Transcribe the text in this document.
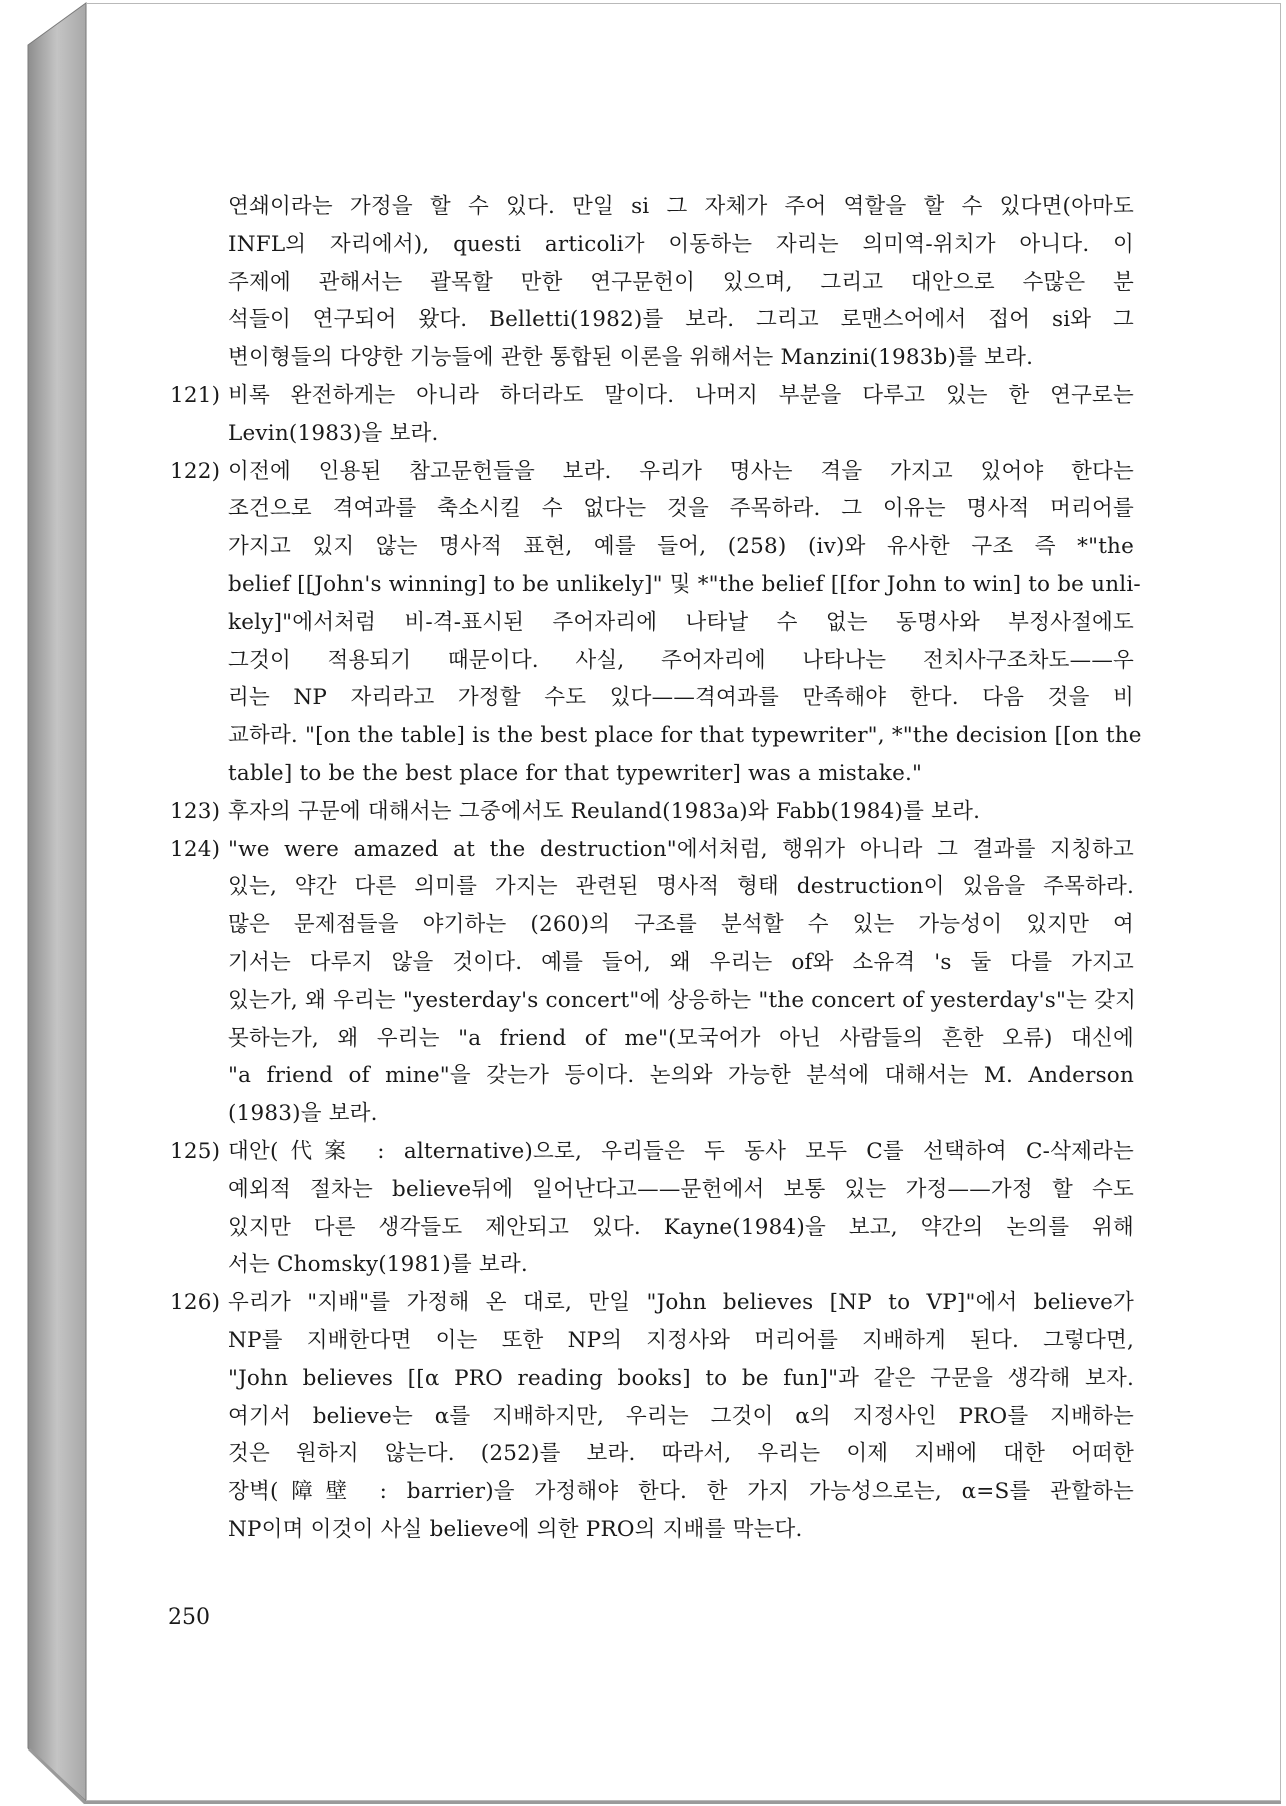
연쇄이라는 가정을 할 수 있다. 만일 si 그 자체가 주어 역할을 할 수 있다면(아마도
INFL의 자리에서), questi articoli가 이동하는 자리는 의미역-위치가 아니다. 이
주제에 관해서는 괄목할 만한 연구문헌이 있으며, 그리고 대안으로 수많은 분
석들이 연구되어 왔다. Belletti(1982)를 보라. 그리고 로맨스어에서 접어 si와 그
변이형들의 다양한 기능들에 관한 통합된 이론을 위해서는 Manzini(1983b)를 보라.
121) 비록 완전하게는 아니라 하더라도 말이다. 나머지 부분을 다루고 있는 한 연구로는
Levin(1983)을 보라.
122) 이전에 인용된 참고문헌들을 보라. 우리가 명사는 격을 가지고 있어야 한다는
조건으로 격여과를 축소시킬 수 없다는 것을 주목하라. 그 이유는 명사적 머리어를
가지고 있지 않는 명사적 표현, 예를 들어, (258) (iv)와 유사한 구조 즉 *"the
belief [[John's winning] to be unlikely]" 및 *"the belief [[for John to win] to be unli-
kely]"에서처럼 비-격-표시된 주어자리에 나타날 수 없는 동명사와 부정사절에도
그것이 적용되기 때문이다. 사실, 주어자리에 나타나는 전치사구조차도——우
리는 NP 자리라고 가정할 수도 있다——격여과를 만족해야 한다. 다음 것을 비
교하라. "[on the table] is the best place for that typewriter", *"the decision [[on the
table] to be the best place for that typewriter] was a mistake."
123) 후자의 구문에 대해서는 그중에서도 Reuland(1983a)와 Fabb(1984)를 보라.
124) "we were amazed at the destruction"에서처럼, 행위가 아니라 그 결과를 지칭하고
있는, 약간 다른 의미를 가지는 관련된 명사적 형태 destruction이 있음을 주목하라.
많은 문제점들을 야기하는 (260)의 구조를 분석할 수 있는 가능성이 있지만 여
기서는 다루지 않을 것이다. 예를 들어, 왜 우리는 of와 소유격 's 둘 다를 가지고
있는가, 왜 우리는 "yesterday's concert"에 상응하는 "the concert of yesterday's"는 갖지
못하는가, 왜 우리는 "a friend of me"(모국어가 아닌 사람들의 흔한 오류) 대신에
"a friend of mine"을 갖는가 등이다. 논의와 가능한 분석에 대해서는 M. Anderson
(1983)을 보라.
125) 대안(代案 : alternative)으로, 우리들은 두 동사 모두 C를 선택하여 C-삭제라는
예외적 절차는 believe뒤에 일어난다고——문헌에서 보통 있는 가정——가정 할 수도
있지만 다른 생각들도 제안되고 있다. Kayne(1984)을 보고, 약간의 논의를 위해
서는 Chomsky(1981)를 보라.
126) 우리가 "지배"를 가정해 온 대로, 만일 "John believes [NP to VP]"에서 believe가
NP를 지배한다면 이는 또한 NP의 지정사와 머리어를 지배하게 된다. 그렇다면,
"John believes [[α PRO reading books] to be fun]"과 같은 구문을 생각해 보자.
여기서 believe는 α를 지배하지만, 우리는 그것이 α의 지정사인 PRO를 지배하는
것은 원하지 않는다. (252)를 보라. 따라서, 우리는 이제 지배에 대한 어떠한
장벽(障壁 : barrier)을 가정해야 한다. 한 가지 가능성으로는, α=S를 관할하는
NP이며 이것이 사실 believe에 의한 PRO의 지배를 막는다.
250
